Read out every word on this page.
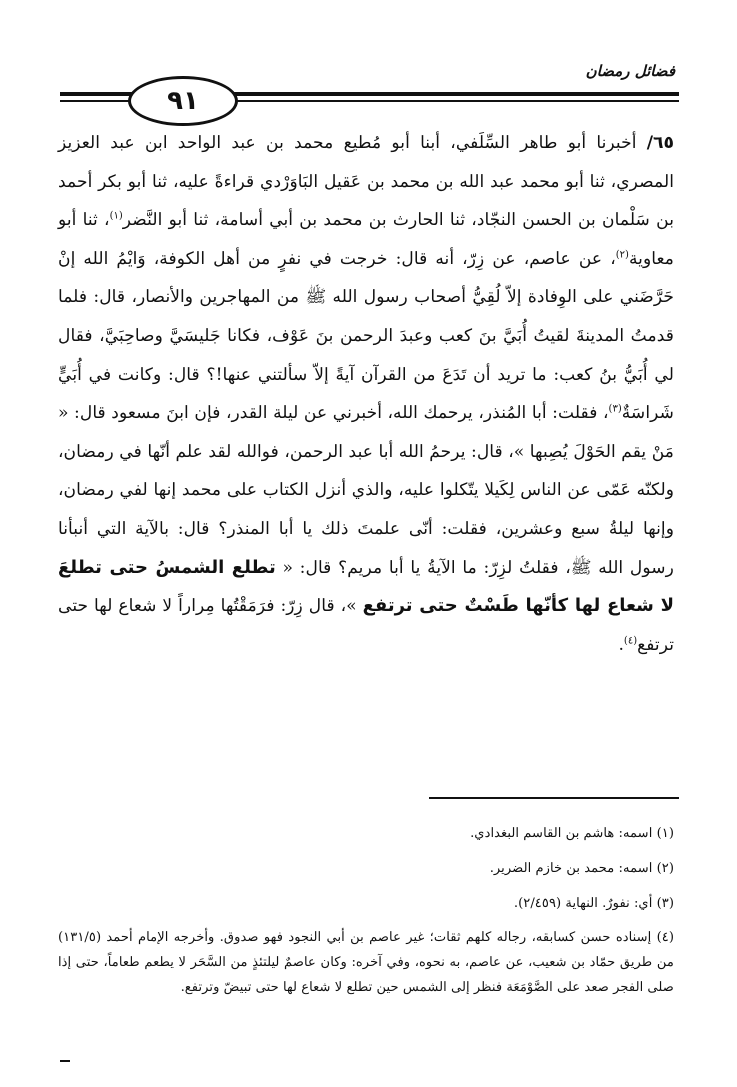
فضائل رمضان
٩١
٦٥/ أخبرنا أبو طاهر السِّلَفي، أبنا أبو مُطيع محمد بن عبد الواحد ابن عبد العزيز المصري، ثنا أبو محمد عبد الله بن محمد بن عَقيل البَاوَرْدي قراءةً عليه، ثنا أبو بكر أحمد بن سَلْمان بن الحسن النجّاد، ثنا الحارث بن محمد بن أبي أسامة، ثنا أبو النَّضر$^{(١)}$، ثنا أبو معاوية$^{(٢)}$، عن عاصم، عن زِرّ، أنه قال: خرجت في نفرٍ من أهل الكوفة، وَايْمُ الله إنْ حَرَّضَني على الوِفادة إلاّ لُقِيُّ أصحاب رسول الله ﷺ من المهاجرين والأنصار، قال: فلما قدمتُ المدينةَ لقيتُ أُبَيَّ بنَ كعب وعبدَ الرحمن بنَ عَوْف، فكانا جَليسَيَّ وصاحِبَيَّ، فقال لي أُبَيُّ بنُ كعب: ما تريد أن تَدَعَ من القرآن آيةً إلاّ سألتني عنها!؟ قال: وكانت في أُبَيٍّ شَراسَةٌ$^{(٣)}$، فقلت: أبا المُنذر، يرحمك الله، أخبرني عن ليلة القدر، فإن ابنَ مسعود قال: « مَنْ يقم الحَوْلَ يُصِبها »، قال: يرحمُ الله أبا عبد الرحمن، فوالله لقد علم أنّها في رمضان، ولكنّه عَمّى عن الناس لِكَيلا يتّكلوا عليه، والذي أنزل الكتاب على محمد إنها لفي رمضان، وإنها ليلةُ سبع وعشرين، فقلت: أنّى علمتَ ذلك يا أبا المنذر؟ قال: بالآية التي أنبأنا رسول الله ﷺ، فقلتُ لزِرّ: ما الآيةُ يا أبا مريم؟ قال: « تطلع الشمسُ حتى تطلعَ لا شعاع لها كأنّها طَسْتٌ حتى ترتفع »، قال زِرّ: فرَمَقْتُها مِراراً لا شعاع لها حتى ترتفع$^{(٤)}$.

(١) اسمه: هاشم بن القاسم البغدادي.

(٢) اسمه: محمد بن خازم الضرير.

(٣) أي: نفورٌ. النهاية (٢/٤٥٩).

(٤) إسناده حسن كسابقه، رجاله كلهم ثقات؛ غير عاصم بن أبي النجود فهو صدوق. وأخرجه الإمام أحمد (١٣١/٥) من طريق حمّاد بن شعيب، عن عاصم، به نحوه، وفي آخره: وكان عاصمٌ ليلتئذٍ من السَّحَر لا يطعم طعاماً، حتى إذا صلى الفجر صعد على الصَّوْمَعَة فنظر إلى الشمس حين تطلع لا شعاع لها حتى تبيضّ وترتفع.
